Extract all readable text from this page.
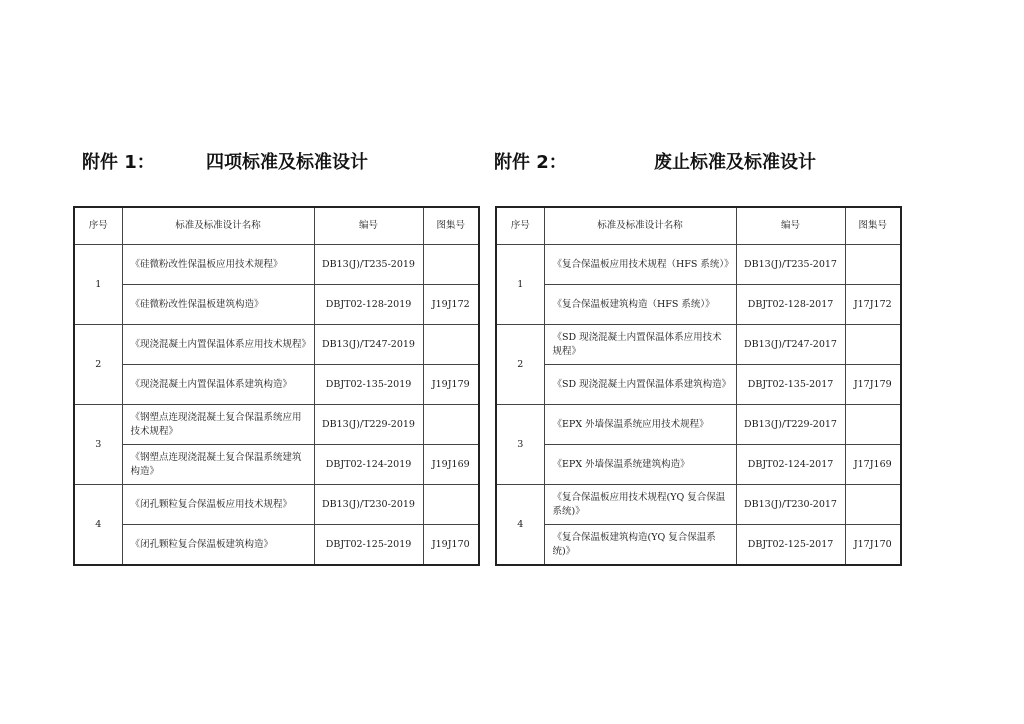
附件 1：	四项标准及标准设计	附件 2：	废止标准及标准设计
序号	标准及标准设计名称	编号	图集号
1	《硅微粉改性保温板应用技术规程》	DB13(J)/T235-2019	
	《硅微粉改性保温板建筑构造》	DBJT02-128-2019	J19J172
2	《现浇混凝土内置保温体系应用技术规程》	DB13(J)/T247-2019	
	《现浇混凝土内置保温体系建筑构造》	DBJT02-135-2019	J19J179
3	《钢塑点连现浇混凝土复合保温系统应用技术规程》	DB13(J)/T229-2019	
	《钢塑点连现浇混凝土复合保温系统建筑构造》	DBJT02-124-2019	J19J169
4	《闭孔颗粒复合保温板应用技术规程》	DB13(J)/T230-2019	
	《闭孔颗粒复合保温板建筑构造》	DBJT02-125-2019	J19J170
序号	标准及标准设计名称	编号	图集号
1	《复合保温板应用技术规程（HFS 系统）》	DB13(J)/T235-2017	
	《复合保温板建筑构造（HFS 系统）》	DBJT02-128-2017	J17J172
2	《SD 现浇混凝土内置保温体系应用技术规程》	DB13(J)/T247-2017	
	《SD 现浇混凝土内置保温体系建筑构造》	DBJT02-135-2017	J17J179
3	《EPX 外墙保温系统应用技术规程》	DB13(J)/T229-2017	
	《EPX 外墙保温系统建筑构造》	DBJT02-124-2017	J17J169
4	《复合保温板应用技术规程(YQ 复合保温系统)》	DB13(J)/T230-2017	
	《复合保温板建筑构造(YQ 复合保温系统)》	DBJT02-125-2017	J17J170
